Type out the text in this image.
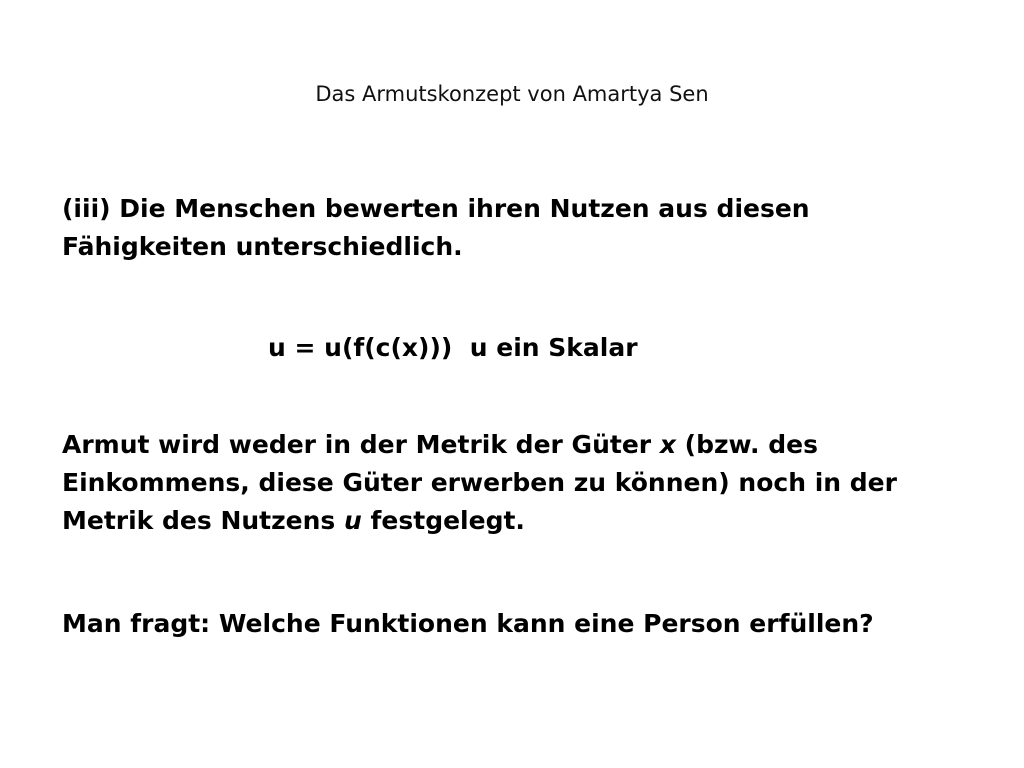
Das Armutskonzept von Amartya Sen
(iii) Die Menschen bewerten ihren Nutzen aus diesen Fähigkeiten unterschiedlich.
u = u(f(c(x)))  u ein Skalar
Armut wird weder in der Metrik der Güter x (bzw. des Einkommens, diese Güter erwerben zu können) noch in der Metrik des Nutzens u festgelegt.
Man fragt: Welche Funktionen kann eine Person erfüllen?
